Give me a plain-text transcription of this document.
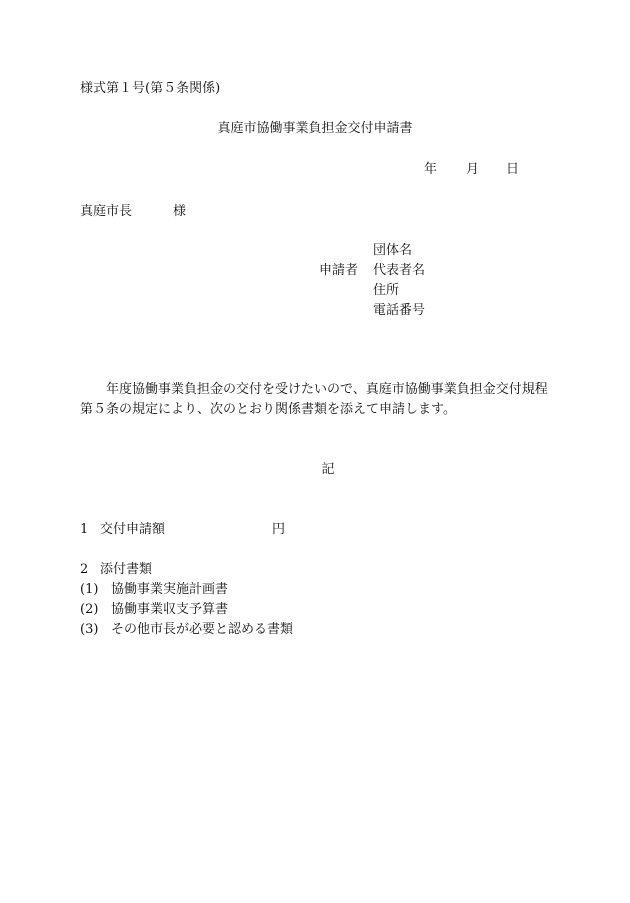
様式第１号(第５条関係)
真庭市協働事業負担金交付申請書
年 月 日
真庭市長	様
申請者
団体名
代表者名
住所
電話番号
年度協働事業負担金の交付を受けたいので、真庭市協働事業負担金交付規程第５条の規定により、次のとおり関係書類を添えて申請します。
記
1 交付申請額	円
2 添付書類
(1) 協働事業実施計画書
(2) 協働事業収支予算書
(3) その他市長が必要と認める書類
